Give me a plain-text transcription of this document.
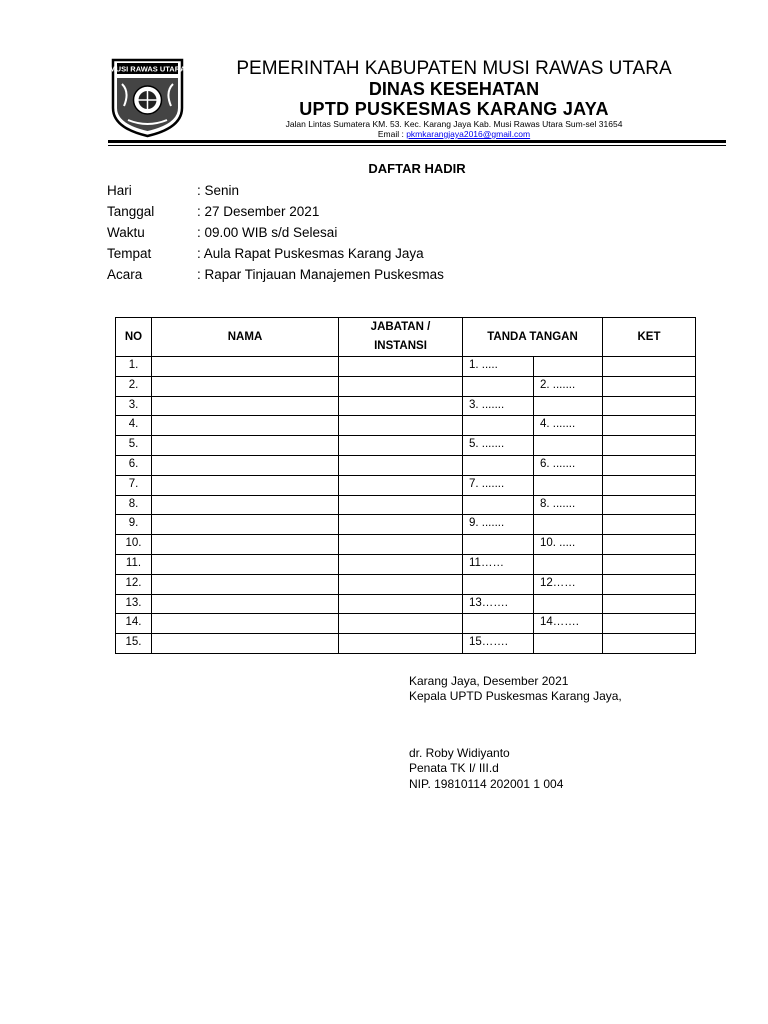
MUSI RAWAS UTARA	PEMERINTAH KABUPATEN MUSI RAWAS UTARA
DINAS KESEHATAN
UPTD PUSKESMAS KARANG JAYA
Jalan Lintas Sumatera KM. 53. Kec. Karang Jaya Kab. Musi Rawas Utara Sum-sel 31654
Email : pkmkarangjaya2016@gmail.com
DAFTAR HADIR
Hari	: Senin
Tanggal	: 27 Desember 2021
Waktu	: 09.00 WIB s/d Selesai
Tempat	: Aula Rapat Puskesmas Karang Jaya
Acara	: Rapar Tinjauan Manajemen Puskesmas
NO	NAMA	JABATAN /
INSTANSI	TANDA TANGAN		KET
1.			1. .....		
2.				2. .......	
3.			3. .......		
4.				4. .......	
5.			5. .......		
6.				6. .......	
7.			7. .......		
8.				8. .......	
9.			9. .......		
10.				10. .....	
11.			11……		
12.				12……	
13.			13…….		
14.				14…….	
15.			15…….		
Karang Jaya, Desember 2021
Kepala UPTD Puskesmas Karang Jaya,
dr. Roby Widiyanto
Penata TK I/ III.d
NIP. 19810114 202001 1 004
